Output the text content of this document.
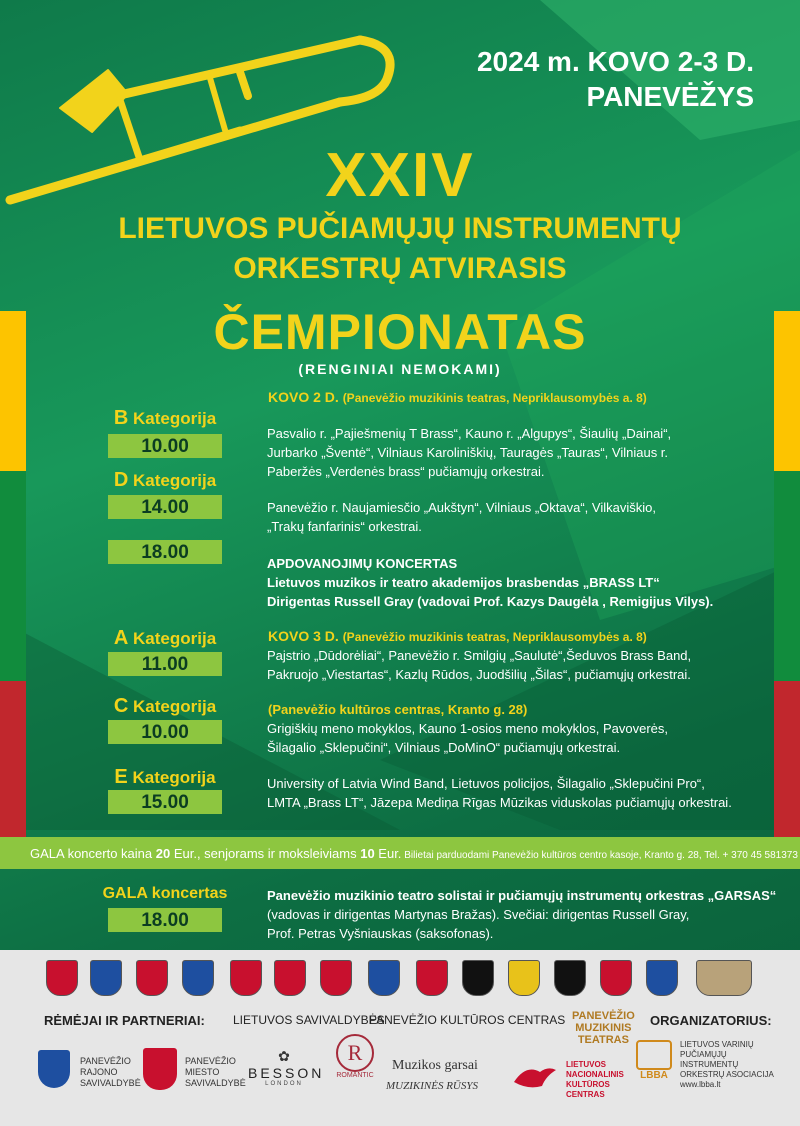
2024 m. KOVO 2-3 D.
PANEVĖŽYS
XXIV
LIETUVOS PUČIAMŲJŲ INSTRUMENTŲ
ORKESTRŲ ATVIRASIS
ČEMPIONATAS
(RENGINIAI NEMOKAMI)
KOVO 2 D. (Panevėžio muzikinis teatras, Nepriklausomybės a. 8)
B Kategorija
10.00
Pasvalio r. „Pajiešmenių T Brass“, Kauno r. „Algupys“, Šiaulių „Dainai“,
Jurbarko „Šventė“, Vilniaus Karoliniškių, Tauragės „Tauras“, Vilniaus r.
Paberžės „Verdenės brass“ pučiamųjų orkestrai.
D Kategorija
14.00	Panevėžio r. Naujamiesčio „Aukštyn“, Vilniaus „Oktava“, Vilkaviškio,
„Trakų fanfarinis“ orkestrai.
18.00
APDOVANOJIMŲ KONCERTAS
Lietuvos muzikos ir teatro akademijos brasbendas „BRASS LT“
Dirigentas Russell Gray (vadovai Prof. Kazys Daugėla , Remigijus Vilys).
KOVO 3 D. (Panevėžio muzikinis teatras, Nepriklausomybės a. 8)
A Kategorija
11.00	Pajstrio „Dūdorėliai“, Panevėžio r. Smilgių „Saulutė“,Šeduvos Brass Band,
Pakruojo „Viestartas“, Kazlų Rūdos, Juodšilių „Šilas“, pučiamųjų orkestrai.
C Kategorija
10.00
(Panevėžio kultūros centras, Kranto g. 28)
Grigiškių meno mokyklos, Kauno 1-osios meno mokyklos, Pavoverės,
Šilagalio „Sklepučini“, Vilniaus „DoMinO“ pučiamųjų orkestrai.
E Kategorija
15.00
University of Latvia Wind Band, Lietuvos policijos, Šilagalio „Sklepučini Pro“,
LMTA „Brass LT“, Jāzepa Mediņa Rīgas Mūzikas viduskolas pučiamųjų orkestrai.
GALA koncerto kaina 20 Eur., senjorams ir moksleiviams 10 Eur. Bilietai parduodami Panevėžio kultūros centro kasoje, Kranto g. 28, Tel. + 370 45 581373
GALA koncertas
18.00
Panevėžio muzikinio teatro solistai ir pučiamųjų instrumentų orkestras „GARSAS“
(vadovas ir dirigentas Martynas Bražas). Svečiai: dirigentas Russell Gray,
Prof. Petras Vyšniauskas (saksofonas).
RĖMĖJAI IR PARTNERIAI: LIETUVOS SAVIVALDYBĖS
PANEVĖŽIO KULTŪROS CENTRAS PANEVĖŽIO
MUZIKINIS
TEATRAS
ORGANIZATORIUS:
PANEVĖŽIO
RAJONO
SAVIVALDYBĖ
PANEVĖŽIO
MIESTO
SAVIVALDYBĖ
✿
BESSON
LONDON
R
ROMANTIC
Muzikos garsai
MUZIKINĖS RŪSYS
LIETUVOS
NACIONALINIS
KULTŪROS
CENTRAS
LBBA
LIETUVOS VARINIŲ
PUČIAMŲJŲ
INSTRUMENTŲ
ORKESTRŲ ASOCIACIJA
www.lbba.lt
